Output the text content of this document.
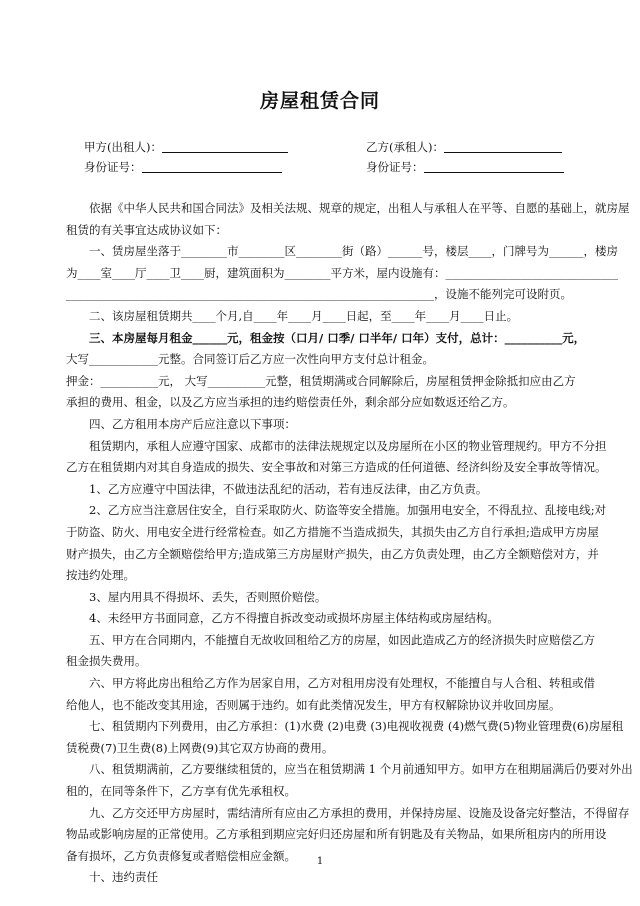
房屋租赁合同
甲方(出租人)：	乙方(承租人)：
身份证号：	身份证号：

依据《中华人民共和国合同法》及相关法规、规章的规定，出租人与承租人在平等、自愿的基础上，就房屋

租赁的有关事宜达成协议如下：

一、赁房屋坐落于________市________区________街（路）______号，楼层____，门牌号为______，楼房

为____室____厅____卫____厨，建筑面积为________平方米，屋内设施有：______________________________

________________________________________________________________，设施不能列完可设附页。

二、该房屋租赁期共____个月,自____年____月____日起，至____年____月____日止。

三、本房屋每月租金______元，租金按（口月/ 口季/ 口半年/ 口年）支付，总计：__________元，

大写____________元整。合同签订后乙方应一次性向甲方支付总计租金。

押金：__________元， 大写__________元整，租赁期满或合同解除后，房屋租赁押金除抵扣应由乙方

承担的费用、租金，以及乙方应当承担的违约赔偿责任外，剩余部分应如数返还给乙方。

四、乙方租用本房产后应注意以下事项：

租赁期内，承租人应遵守国家、成都市的法律法规规定以及房屋所在小区的物业管理规约。甲方不分担

乙方在租赁期内对其自身造成的损失、安全事故和对第三方造成的任何道德、经济纠纷及安全事故等情况。

1、乙方应遵守中国法律，不做违法乱纪的活动，若有违反法律，由乙方负责。

2、乙方应当注意居住安全，自行采取防火、防盗等安全措施。加强用电安全，不得乱拉、乱接电线;对

于防盗、防火、用电安全进行经常检查。如乙方措施不当造成损失，其损失由乙方自行承担;造成甲方房屋

财产损失，由乙方全额赔偿给甲方;造成第三方房屋财产损失，由乙方负责处理，由乙方全额赔偿对方，并

按违约处理。

3、屋内用具不得损坏、丢失，否则照价赔偿。

4、未经甲方书面同意，乙方不得擅自拆改变动或损坏房屋主体结构或房屋结构。

五、甲方在合同期内，不能擅自无故收回租给乙方的房屋，如因此造成乙方的经济损失时应赔偿乙方

租金损失费用。

六、甲方将此房出租给乙方作为居家自用，乙方对租用房没有处理权，不能擅自与人合租、转租或借

给他人，也不能改变其用途，否则属于违约。如有此类情况发生，甲方有权解除协议并收回房屋。

七、租赁期内下列费用，由乙方承担：(1)水费 (2)电费 (3)电视收视费 (4)燃气费(5)物业管理费(6)房屋租

赁税费(7)卫生费(8)上网费(9)其它双方协商的费用。

八、租赁期满前，乙方要继续租赁的，应当在租赁期满 1 个月前通知甲方。如甲方在租期届满后仍要对外出

租的，在同等条件下，乙方享有优先承租权。

九、乙方交还甲方房屋时，需结清所有应由乙方承担的费用，并保持房屋、设施及设备完好整洁，不得留存

物品或影响房屋的正常使用。乙方承租到期应完好归还房屋和所有钥匙及有关物品，如果所租房内的所用设

备有损坏，乙方负责修复或者赔偿相应金额。

十、违约责任

1
